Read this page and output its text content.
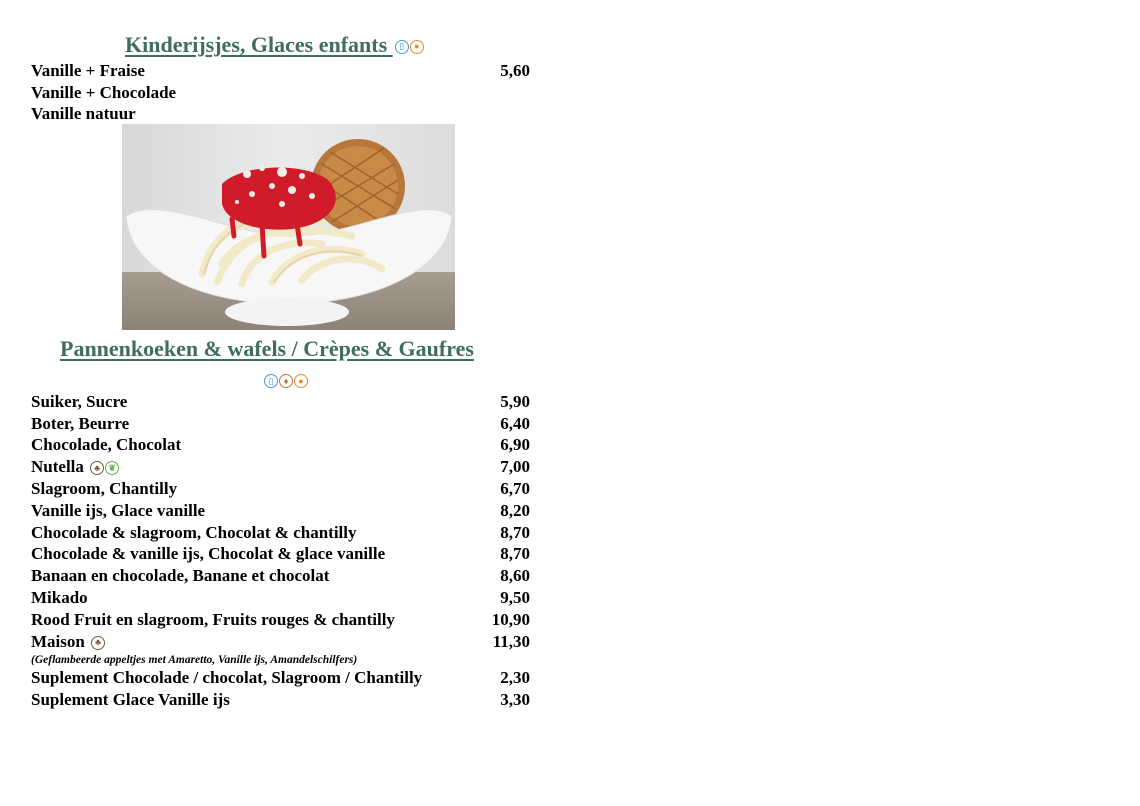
Kinderijsjes, Glaces enfants ▯	●
Vanille + Fraise	5,60
Vanille + Chocolade
Vanille natuur
Pannenkoeken & wafels / Crèpes & Gaufres
▯	♦	●
Suiker, Sucre	5,90
Boter, Beurre	6,40
Chocolade, Chocolat	6,90
Nutella	♣ ❦	7,00
Slagroom, Chantilly	6,70
Vanille ijs, Glace vanille	8,20
Chocolade & slagroom, Chocolat & chantilly	8,70
Chocolade & vanille ijs, Chocolat & glace vanille	8,70
Banaan en chocolade, Banane et chocolat	8,60
Mikado	9,50
Rood Fruit en slagroom, Fruits rouges & chantilly	10,90
Maison	♣	11,30
(Geflambeerde appeltjes met Amaretto, Vanille ijs, Amandelschilfers)
Suplement Chocolade / chocolat, Slagroom / Chantilly	2,30
Suplement Glace Vanille ijs	3,30
